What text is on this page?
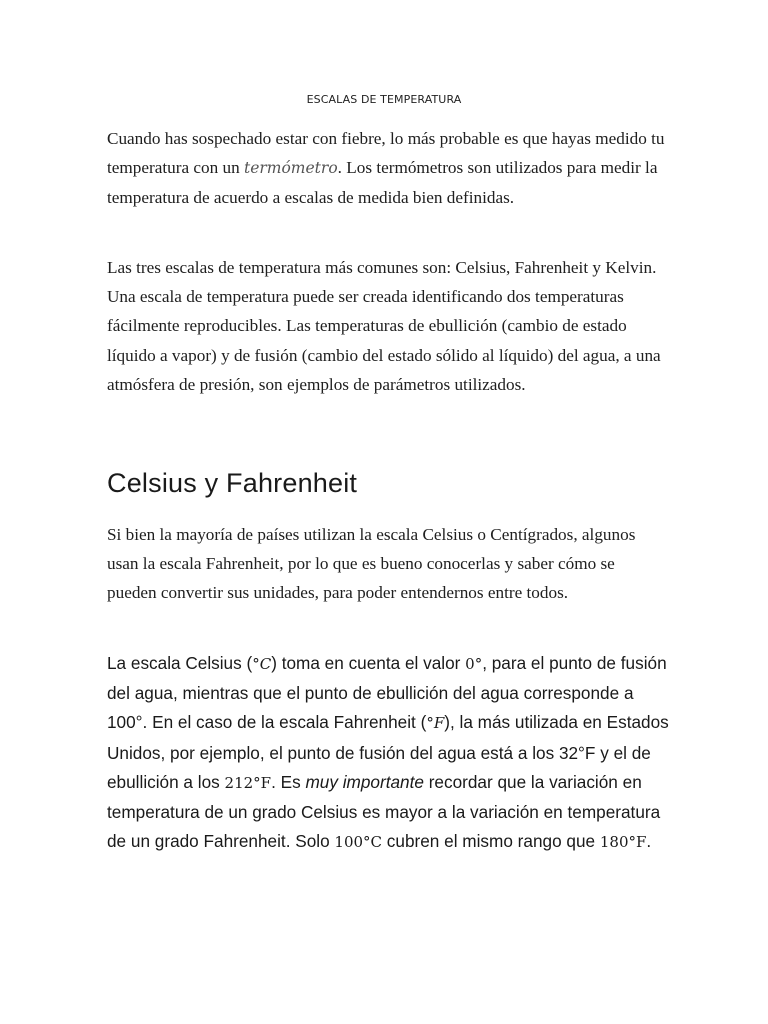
ESCALAS DE TEMPERATURA

Cuando has sospechado estar con fiebre, lo más probable es que hayas medido tu temperatura con un termómetro. Los termómetros son utilizados para medir la temperatura de acuerdo a escalas de medida bien definidas.

Las tres escalas de temperatura más comunes son: Celsius, Fahrenheit y Kelvin. Una escala de temperatura puede ser creada identificando dos temperaturas fácilmente reproducibles. Las temperaturas de ebullición (cambio de estado líquido a vapor) y de fusión (cambio del estado sólido al líquido) del agua, a una atmósfera de presión, son ejemplos de parámetros utilizados.

Celsius y Fahrenheit

Si bien la mayoría de países utilizan la escala Celsius o Centígrados, algunos usan la escala Fahrenheit, por lo que es bueno conocerlas y saber cómo se pueden convertir sus unidades, para poder entendernos entre todos.

La escala Celsius (°C) toma en cuenta el valor 0°, para el punto de fusión del agua, mientras que el punto de ebullición del agua corresponde a 100°. En el caso de la escala Fahrenheit (°F), la más utilizada en Estados Unidos, por ejemplo, el punto de fusión del agua está a los 32°F y el de ebullición a los 212°F. Es muy importante recordar que la variación en temperatura de un grado Celsius es mayor a la variación en temperatura de un grado Fahrenheit. Solo 100°C cubren el mismo rango que 180°F.
